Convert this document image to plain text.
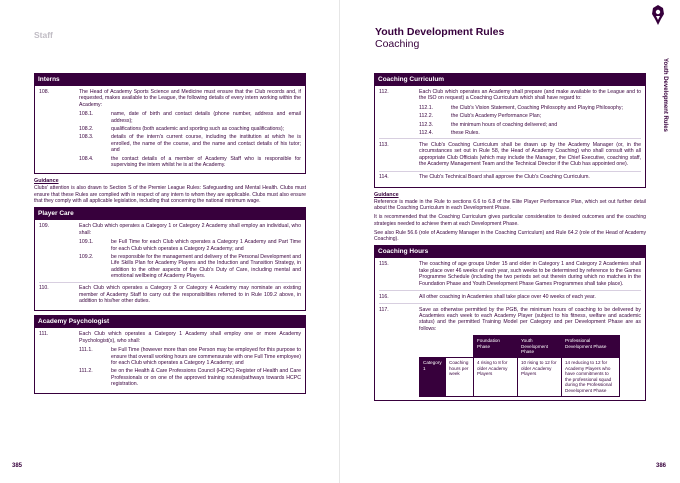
Staff
Interns
108.	The Head of Academy Sports Science and Medicine must ensure that the Club records and, if requested, makes available to the League, the following details of every intern working within the Academy:
108.1.	name, date of birth and contact details (phone number, address and email address);
108.2.	qualifications (both academic and sporting such as coaching qualifications);
108.3.	details of the intern's current course, including the institution at which he is enrolled, the name of the course, and the name and contact details of his tutor; and
108.4.	the contact details of a member of Academy Staff who is responsible for supervising the intern whilst he is at the Academy.
Guidance
Clubs' attention is also drawn to Section S of the Premier League Rules: Safeguarding and Mental Health. Clubs must ensure that these Rules are complied with in respect of any intern to whom they are applicable. Clubs must also ensure that they comply with all applicable legislation, including that concerning the national minimum wage.
Player Care
109.	Each Club which operates a Category 1 or Category 2 Academy shall employ an individual, who shall:
109.1.	be Full Time for each Club which operates a Category 1 Academy and Part Time for each Club which operates a Category 2 Academy; and
109.2.	be responsible for the management and delivery of the Personal Development and Life Skills Plan for Academy Players and the Induction and Transition Strategy, in addition to the other aspects of the Club's Duty of Care, including mental and emotional wellbeing of Academy Players.
110.	Each Club which operates a Category 3 or Category 4 Academy may nominate an existing member of Academy Staff to carry out the responsibilities referred to in Rule 109.2 above, in addition to his/her other duties.
Academy Psychologist
111.	Each Club which operates a Category 1 Academy shall employ one or more Academy Psychologist(s), who shall:
111.1.	be Full Time (however more than one Person may be employed for this purpose to ensure that overall working hours are commensurate with one Full Time employee) for each Club which operates a Category 1 Academy; and
111.2.	be on the Health & Care Professions Council (HCPC) Register of Health and Care Professionals or on one of the approved training routes/pathways towards HCPC registration.
385
Youth Development Rules
Coaching
Youth Development Rules
Coaching Curriculum
112.	Each Club which operates an Academy shall prepare (and make available to the League and to the ISO on request) a Coaching Curriculum which shall have regard to:
112.1.	the Club's Vision Statement, Coaching Philosophy and Playing Philosophy;
112.2.	the Club's Academy Performance Plan;
112.3.	the minimum hours of coaching delivered; and
112.4.	these Rules.
113.	The Club's Coaching Curriculum shall be drawn up by the Academy Manager (or, in the circumstances set out in Rule 58, the Head of Academy Coaching) who shall consult with all appropriate Club Officials (which may include the Manager, the Chief Executive, coaching staff, the Academy Management Team and the Technical Director if the Club has appointed one).
114.	The Club's Technical Board shall approve the Club's Coaching Curriculum.
Guidance
Reference is made in the Rule to sections 6.6 to 6.8 of the Elite Player Performance Plan, which set out further detail about the Coaching Curriculum in each Development Phase.
It is recommended that the Coaching Curriculum gives particular consideration to desired outcomes and the coaching strategies needed to achieve them at each Development Phase.
See also Rule 56.6 (role of Academy Manager in the Coaching Curriculum) and Rule 64.2 (role of the Head of Academy Coaching).
Coaching Hours
115.	The coaching of age groups Under 15 and older in Category 1 and Category 2 Academies shall take place over 46 weeks of each year, such weeks to be determined by reference to the Games Programme Schedule (including the two periods set out therein during which no matches in the Foundation Phase and Youth Development Phase Games Programmes shall take place).
116.	All other coaching in Academies shall take place over 40 weeks of each year.
117.	Save as otherwise permitted by the PGB, the minimum hours of coaching to be delivered by Academies each week to each Academy Player (subject to his fitness, welfare and academic status) and the permitted Training Model per Category and per Development Phase are as follows:
		Foundation Phase	Youth Development Phase	Professional Development Phase
Category 1	Coaching hours per week	4 rising to 8 for older Academy Players	10 rising to 12 for older Academy Players	14 reducing to 12 for Academy Players who have commitments to the professional squad during the Professional Development Phase
386
